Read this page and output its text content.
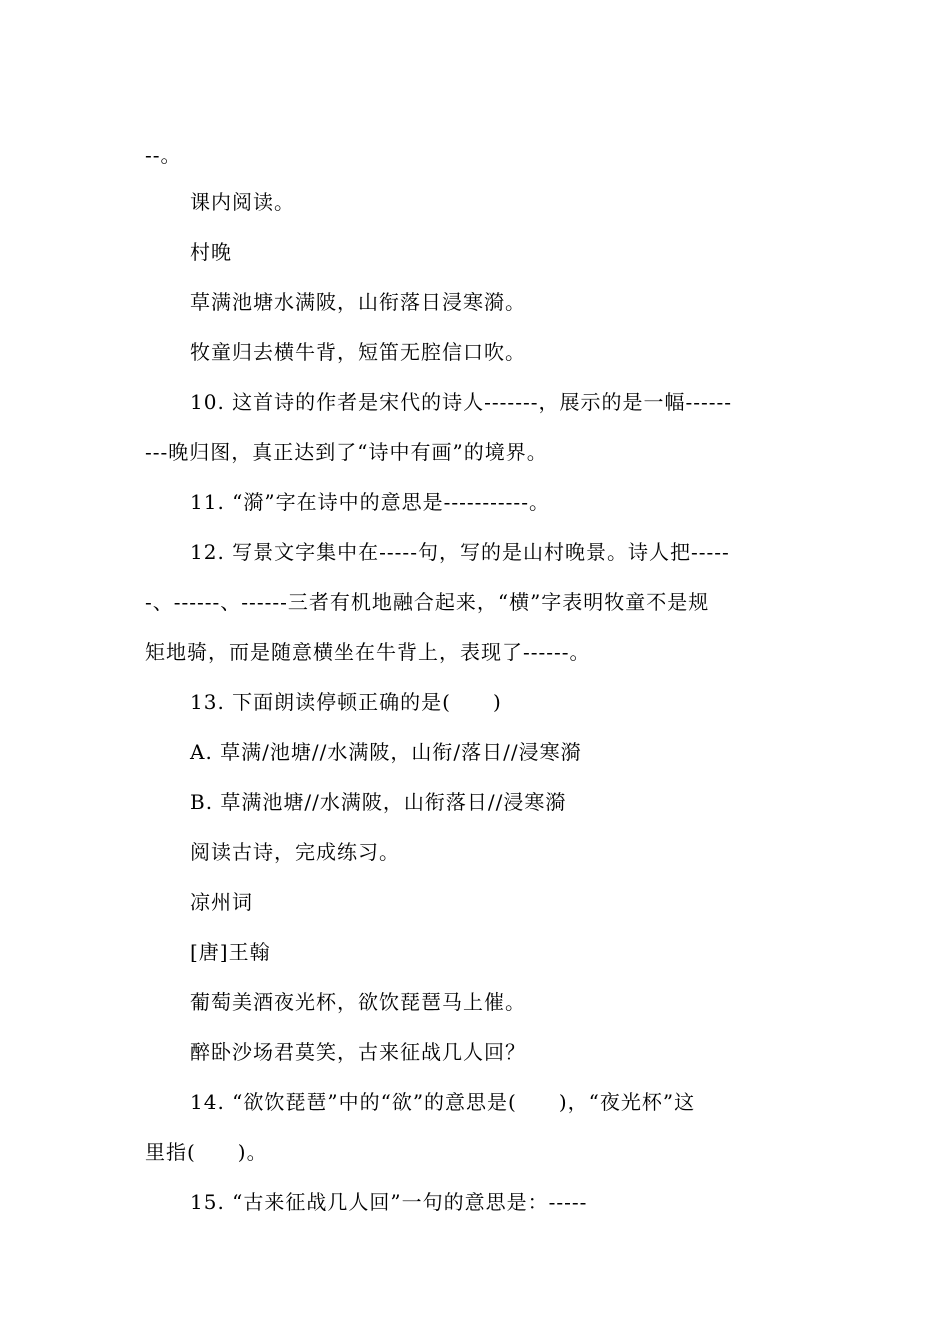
--。
课内阅读。
村晚
草满池塘水满陂，山衔落日浸寒漪。
牧童归去横牛背，短笛无腔信口吹。
10. 这首诗的作者是宋代的诗人-------，展示的是一幅------
---晚归图，真正达到了“诗中有画”的境界。
11. “漪”字在诗中的意思是-----------。
12. 写景文字集中在-----句，写的是山村晚景。诗人把-----
-、------、------三者有机地融合起来，“横”字表明牧童不是规
矩地骑，而是随意横坐在牛背上，表现了------。
13. 下面朗读停顿正确的是(　　)
A. 草满/池塘//水满陂，山衔/落日//浸寒漪
B. 草满池塘//水满陂，山衔落日//浸寒漪
阅读古诗，完成练习。
凉州词
[唐]王翰
葡萄美酒夜光杯，欲饮琵琶马上催。
醉卧沙场君莫笑，古来征战几人回？
14. “欲饮琵琶”中的“欲”的意思是(　　)，“夜光杯”这
里指(　　)。
15. “古来征战几人回”一句的意思是：-----
